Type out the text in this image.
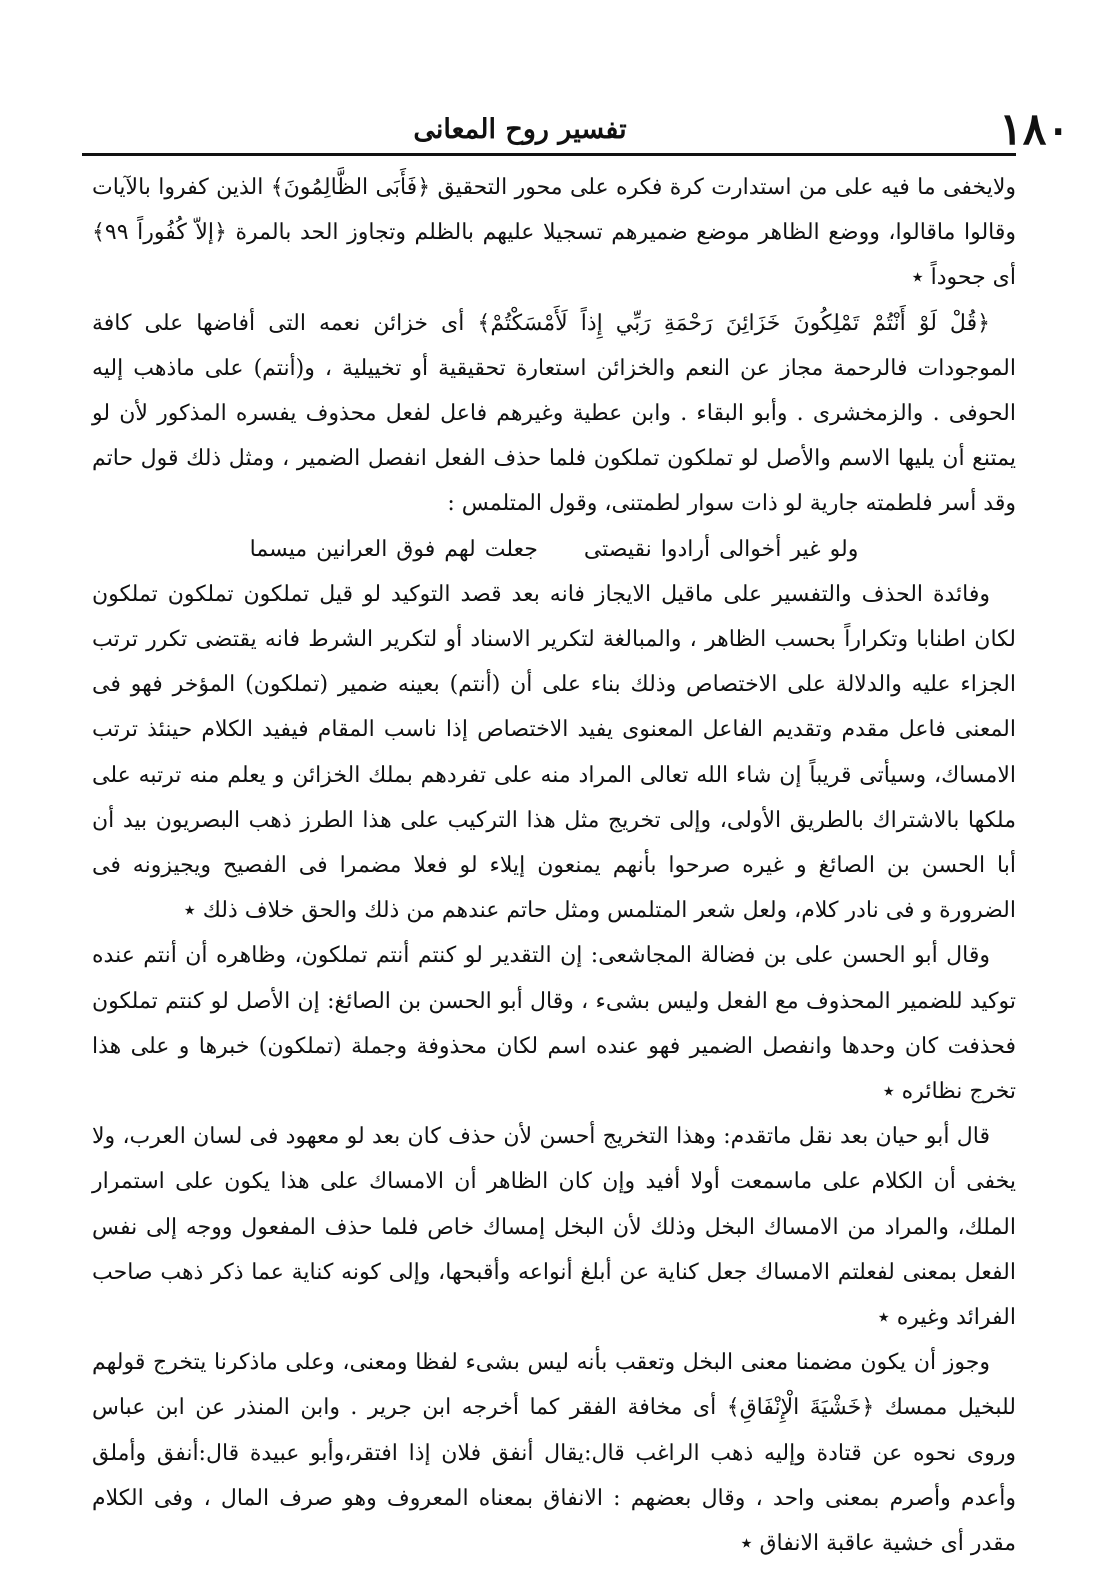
١٨٠
تفسير روح المعانى

ولايخفى ما فيه على من استدارت كرة فكره على محور التحقيق ﴿فَأَبَى الظَّالِمُونَ﴾ الذين كفروا بالآيات وقالوا ماقالوا، ووضع الظاهر موضع ضميرهم تسجيلا عليهم بالظلم وتجاوز الحد بالمرة ﴿إلاّ كُفُوراً ٩٩﴾ أى جحوداً ٭

﴿قُلْ لَوْ أَنْتُمْ تَمْلِكُونَ خَزَائِنَ رَحْمَةِ رَبِّي إِذاً لَأَمْسَكْتُمْ﴾ أى خزائن نعمه التى أفاضها على كافة الموجودات فالرحمة مجاز عن النعم والخزائن استعارة تحقيقية أو تخييلية ، و(أنتم) على ماذهب إليه الحوفى . والزمخشرى . وأبو البقاء . وابن عطية وغيرهم فاعل لفعل محذوف يفسره المذكور لأن لو يمتنع أن يليها الاسم والأصل لو تملكون تملكون فلما حذف الفعل انفصل الضمير ، ومثل ذلك قول حاتم وقد أسر فلطمته جارية لو ذات سوار لطمتنى، وقول المتلمس :

ولو غير أخوالى أرادوا نقيصتىجعلت لهم فوق العرانين ميسما

وفائدة الحذف والتفسير على ماقيل الايجاز فانه بعد قصد التوكيد لو قيل تملكون تملكون تملكون لكان اطنابا وتكراراً بحسب الظاهر ، والمبالغة لتكرير الاسناد أو لتكرير الشرط فانه يقتضى تكرر ترتب الجزاء عليه والدلالة على الاختصاص وذلك بناء على أن (أنتم) بعينه ضمير (تملكون) المؤخر فهو فى المعنى فاعل مقدم وتقديم الفاعل المعنوى يفيد الاختصاص إذا ناسب المقام فيفيد الكلام حينئذ ترتب الامساك، وسيأتى قريباً إن شاء الله تعالى المراد منه على تفردهم بملك الخزائن و يعلم منه ترتبه على ملكها بالاشتراك بالطريق الأولى، وإلى تخريج مثل هذا التركيب على هذا الطرز ذهب البصريون بيد أن أبا الحسن بن الصائغ و غيره صرحوا بأنهم يمنعون إيلاء لو فعلا مضمرا فى الفصيح ويجيزونه فى الضرورة و فى نادر كلام، ولعل شعر المتلمس ومثل حاتم عندهم من ذلك والحق خلاف ذلك ٭

وقال أبو الحسن على بن فضالة المجاشعى: إن التقدير لو كنتم أنتم تملكون، وظاهره أن أنتم عنده توكيد للضمير المحذوف مع الفعل وليس بشىء ، وقال أبو الحسن بن الصائغ: إن الأصل لو كنتم تملكون فحذفت كان وحدها وانفصل الضمير فهو عنده اسم لكان محذوفة وجملة (تملكون) خبرها و على هذا تخرج نظائره ٭

قال أبو حيان بعد نقل ماتقدم: وهذا التخريج أحسن لأن حذف كان بعد لو معهود فى لسان العرب، ولا يخفى أن الكلام على ماسمعت أولا أفيد وإن كان الظاهر أن الامساك على هذا يكون على استمرار الملك، والمراد من الامساك البخل وذلك لأن البخل إمساك خاص فلما حذف المفعول ووجه إلى نفس الفعل بمعنى لفعلتم الامساك جعل كناية عن أبلغ أنواعه وأقبحها، وإلى كونه كناية عما ذكر ذهب صاحب الفرائد وغيره ٭

وجوز أن يكون مضمنا معنى البخل وتعقب بأنه ليس بشىء لفظا ومعنى، وعلى ماذكرنا يتخرج قولهم للبخيل ممسك ﴿خَشْيَةَ الْإِنْفَاقِ﴾ أى مخافة الفقر كما أخرجه ابن جرير . وابن المنذر عن ابن عباس وروى نحوه عن قتادة وإليه ذهب الراغب قال:يقال أنفق فلان إذا افتقر،وأبو عبيدة قال:أنفق وأملق وأعدم وأصرم بمعنى واحد ، وقال بعضهم : الانفاق بمعناه المعروف وهو صرف المال ، وفى الكلام مقدر أى خشية عاقبة الانفاق ٭
